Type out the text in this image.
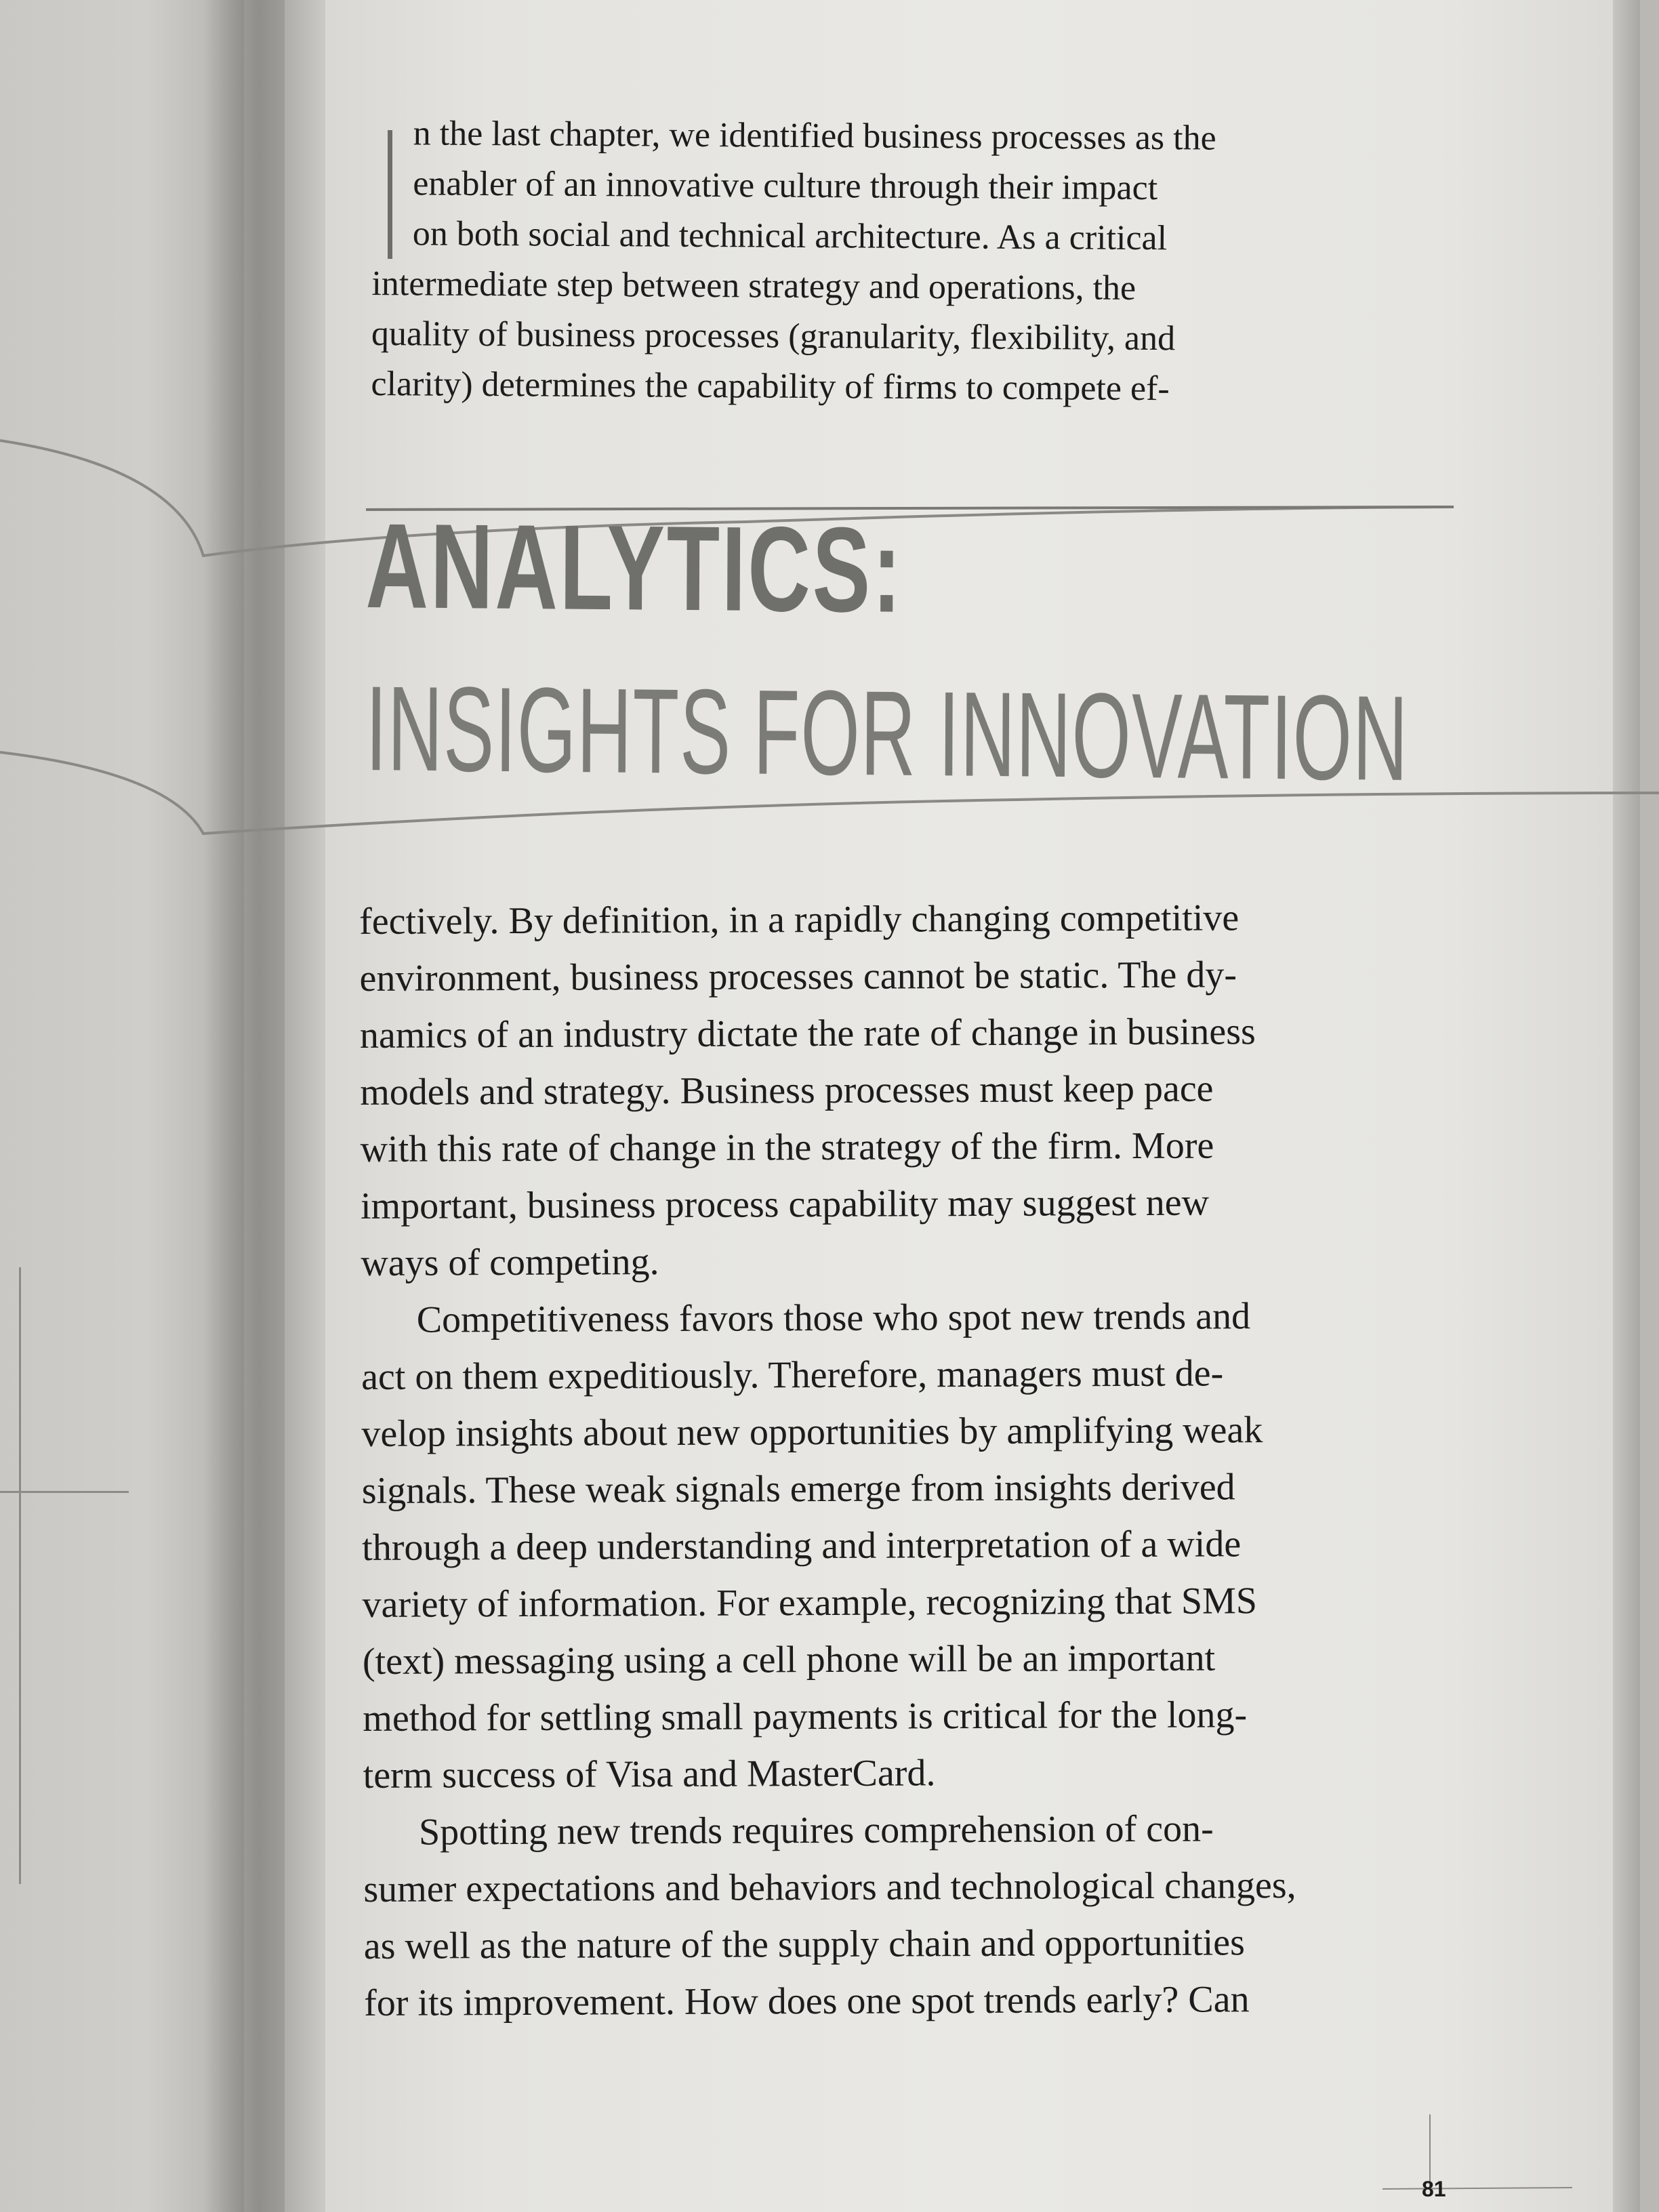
n the last chapter, we identified business processes as the
enabler of an innovative culture through their impact
on both social and technical architecture. As a critical
intermediate step between strategy and operations, the
quality of business processes (granularity, flexibility, and
clarity) determines the capability of firms to compete ef-
ANALYTICS:
INSIGHTS FOR INNOVATION
fectively. By definition, in a rapidly changing competitive
environment, business processes cannot be static. The dy-
namics of an industry dictate the rate of change in business
models and strategy. Business processes must keep pace
with this rate of change in the strategy of the firm. More
important, business process capability may suggest new
ways of competing.
Competitiveness favors those who spot new trends and
act on them expeditiously. Therefore, managers must de-
velop insights about new opportunities by amplifying weak
signals. These weak signals emerge from insights derived
through a deep understanding and interpretation of a wide
variety of information. For example, recognizing that SMS
(text) messaging using a cell phone will be an important
method for settling small payments is critical for the long-
term success of Visa and MasterCard.
Spotting new trends requires comprehension of con-
sumer expectations and behaviors and technological changes,
as well as the nature of the supply chain and opportunities
for its improvement. How does one spot trends early? Can
81
